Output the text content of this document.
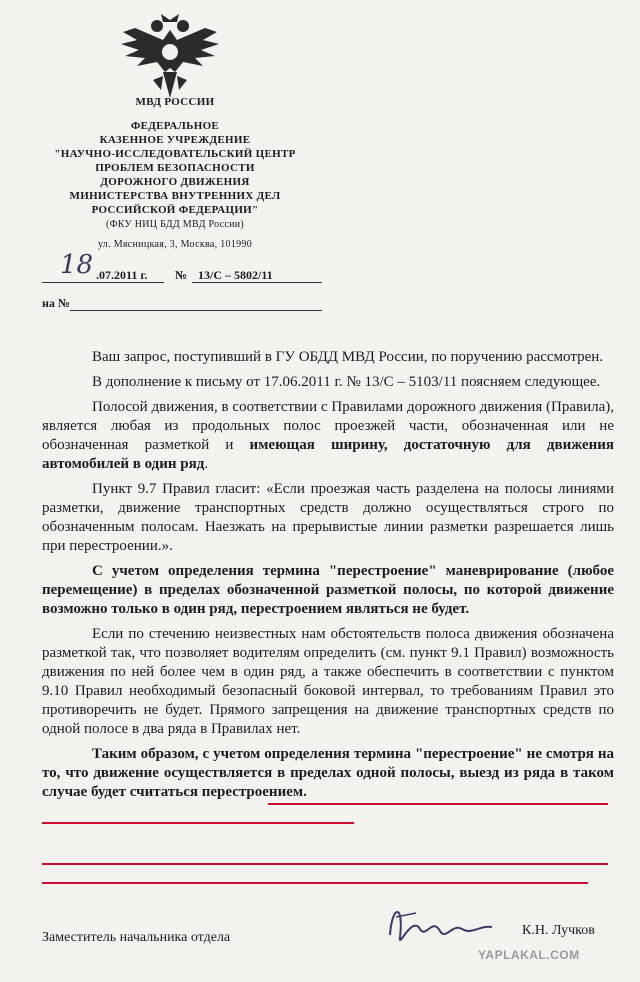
МВД РОССИИ
ФЕДЕРАЛЬНОЕ
КАЗЕННОЕ УЧРЕЖДЕНИЕ
"НАУЧНО-ИССЛЕДОВАТЕЛЬСКИЙ ЦЕНТР
ПРОБЛЕМ БЕЗОПАСНОСТИ
ДОРОЖНОГО ДВИЖЕНИЯ
МИНИСТЕРСТВА ВНУТРЕННИХ ДЕЛ
РОССИЙСКОЙ ФЕДЕРАЦИИ"
(ФКУ НИЦ БДД МВД России)
ул. Мясницкая, 3, Москва, 101990
18 .07.2011 г. № 13/С – 5802/11
на №

Ваш запрос, поступивший в ГУ ОБДД МВД России, по поручению рассмотрен.

В дополнение к письму от 17.06.2011 г. № 13/С – 5103/11 поясняем следующее.

Полосой движения, в соответствии с Правилами дорожного движения (Правила), является любая из продольных полос проезжей части, обозначенная или не обозначенная разметкой и имеющая ширину, достаточную для движения автомобилей в один ряд.

Пункт 9.7 Правил гласит: «Если проезжая часть разделена на полосы линиями разметки, движение транспортных средств должно осуществляться строго по обозначенным полосам. Наезжать на прерывистые линии разметки разрешается лишь при перестроении.».

С учетом определения термина "перестроение" маневрирование (любое перемещение) в пределах обозначенной разметкой полосы, по которой движение возможно только в один ряд, перестроением являться не будет.

Если по стечению неизвестных нам обстоятельств полоса движения обозначена разметкой так, что позволяет водителям определить (см. пункт 9.1 Правил) возможность движения по ней более чем в один ряд, а также обеспечить в соответствии с пунктом 9.10 Правил необходимый безопасный боковой интервал, то требованиям Правил это противоречить не будет. Прямого запрещения на движение транспортных средств по одной полосе в два ряда в Правилах нет.

Таким образом, с учетом определения термина "перестроение" не смотря на то, что движение осуществляется в пределах одной полосы, выезд из ряда в таком случае будет считаться перестроением.

Заместитель начальника отдела	К.Н. Лучков
YAPLAKAL.COM
